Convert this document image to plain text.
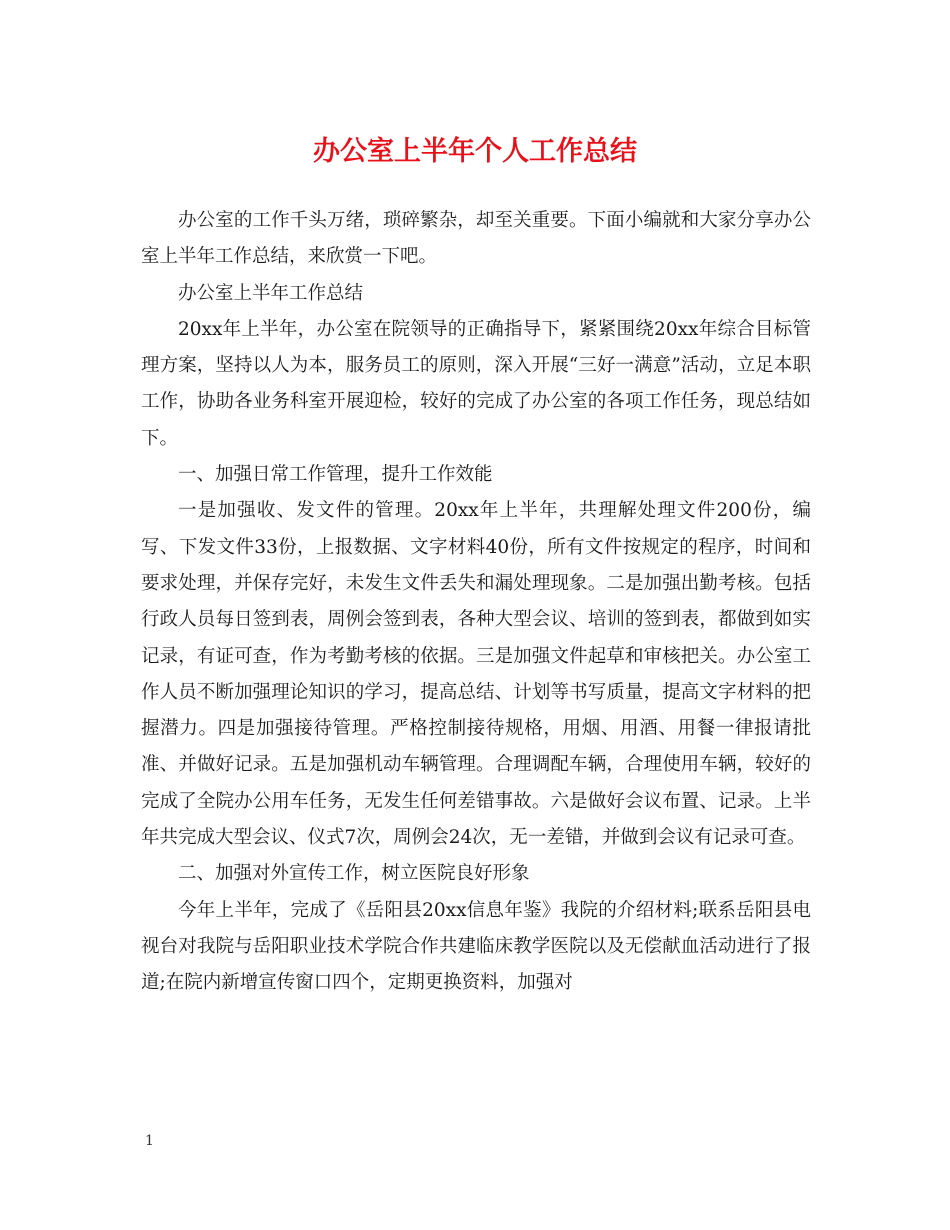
办公室上半年个人工作总结

办公室的工作千头万绪，琐碎繁杂，却至关重要。下面小编就和大家分享办公室上半年工作总结，来欣赏一下吧。

办公室上半年工作总结

20xx年上半年，办公室在院领导的正确指导下，紧紧围绕20xx年综合目标管理方案，坚持以人为本，服务员工的原则，深入开展“三好一满意”活动，立足本职工作，协助各业务科室开展迎检，较好的完成了办公室的各项工作任务，现总结如下。

一、加强日常工作管理，提升工作效能

一是加强收、发文件的管理。20xx年上半年，共理解处理文件200份，编写、下发文件33份，上报数据、文字材料40份，所有文件按规定的程序，时间和要求处理，并保存完好，未发生文件丢失和漏处理现象。二是加强出勤考核。包括行政人员每日签到表，周例会签到表，各种大型会议、培训的签到表，都做到如实记录，有证可查，作为考勤考核的依据。三是加强文件起草和审核把关。办公室工作人员不断加强理论知识的学习，提高总结、计划等书写质量，提高文字材料的把握潜力。四是加强接待管理。严格控制接待规格，用烟、用酒、用餐一律报请批准、并做好记录。五是加强机动车辆管理。合理调配车辆，合理使用车辆，较好的完成了全院办公用车任务，无发生任何差错事故。六是做好会议布置、记录。上半年共完成大型会议、仪式7次，周例会24次，无一差错，并做到会议有记录可查。

二、加强对外宣传工作，树立医院良好形象

今年上半年，完成了《岳阳县20xx信息年鉴》我院的介绍材料;联系岳阳县电视台对我院与岳阳职业技术学院合作共建临床教学医院以及无偿献血活动进行了报道;在院内新增宣传窗口四个，定期更换资料，加强对

1
